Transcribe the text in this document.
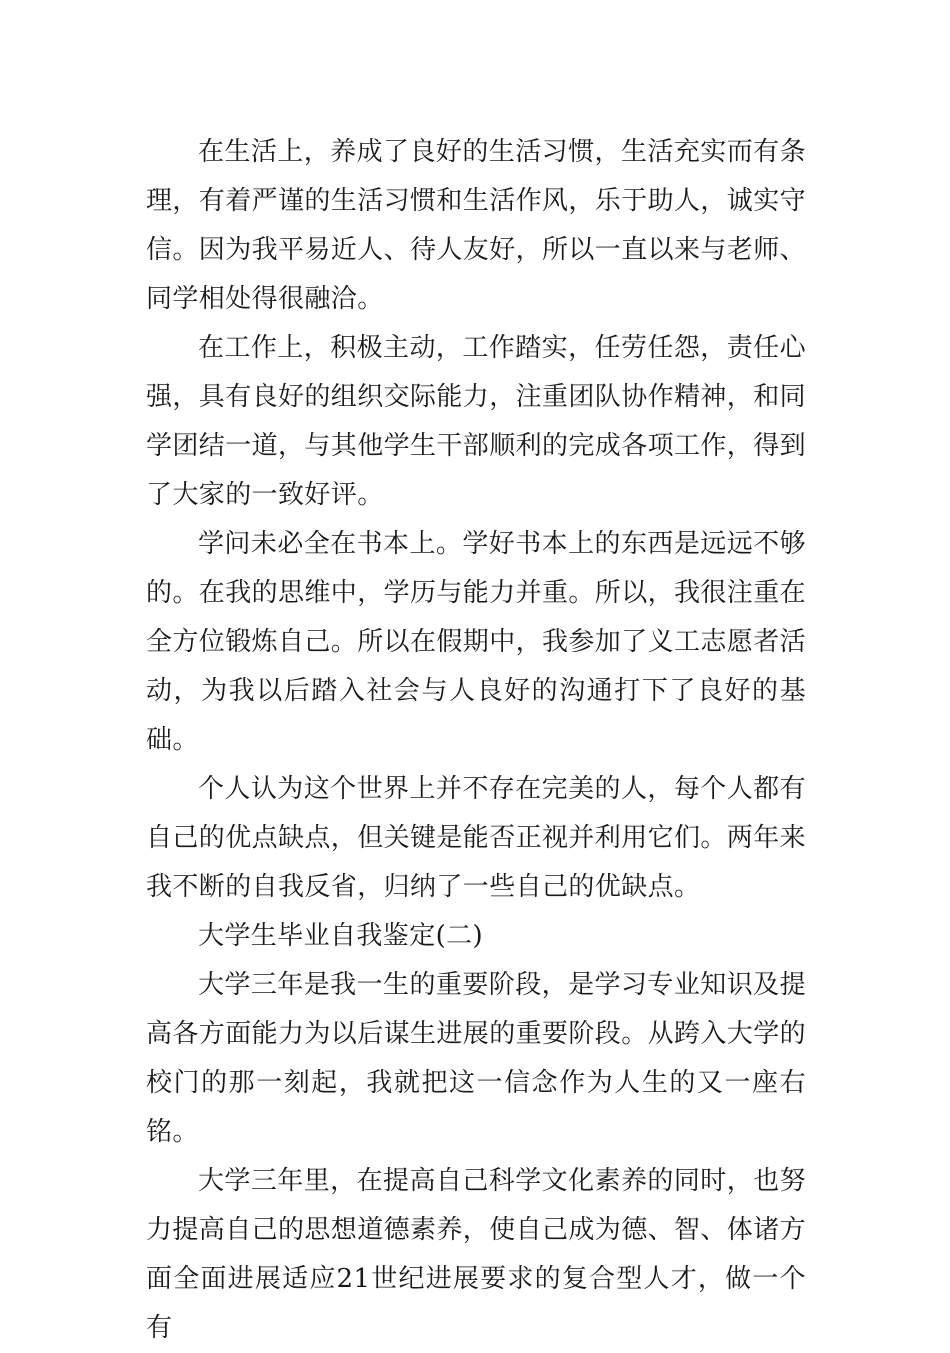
在生活上，养成了良好的生活习惯，生活充实而有条理，有着严谨的生活习惯和生活作风，乐于助人，诚实守信。因为我平易近人、待人友好，所以一直以来与老师、同学相处得很融洽。

在工作上，积极主动，工作踏实，任劳任怨，责任心强，具有良好的组织交际能力，注重团队协作精神，和同学团结一道，与其他学生干部顺利的完成各项工作，得到了大家的一致好评。

学问未必全在书本上。学好书本上的东西是远远不够的。在我的思维中，学历与能力并重。所以，我很注重在全方位锻炼自己。所以在假期中，我参加了义工志愿者活动，为我以后踏入社会与人良好的沟通打下了良好的基础。

个人认为这个世界上并不存在完美的人，每个人都有自己的优点缺点，但关键是能否正视并利用它们。两年来我不断的自我反省，归纳了一些自己的优缺点。

大学生毕业自我鉴定(二)

大学三年是我一生的重要阶段，是学习专业知识及提高各方面能力为以后谋生进展的重要阶段。从跨入大学的校门的那一刻起，我就把这一信念作为人生的又一座右铭。

大学三年里，在提高自己科学文化素养的同时，也努力提高自己的思想道德素养，使自己成为德、智、体诸方面全面进展适应21世纪进展要求的复合型人才，做一个有
